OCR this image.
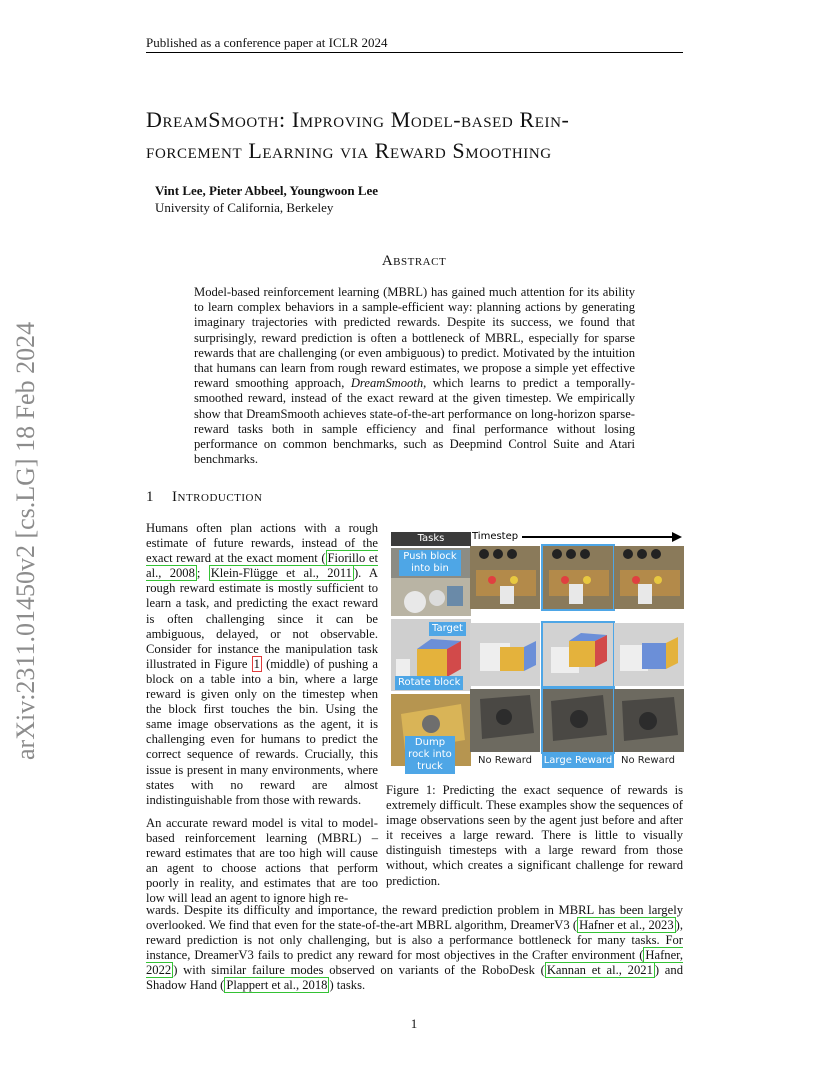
Published as a conference paper at ICLR 2024
arXiv:2311.01450v2 [cs.LG] 18 Feb 2024
DreamSmooth: Improving Model-based Rein-
forcement Learning via Reward Smoothing
Vint Lee, Pieter Abbeel, Youngwoon Lee
University of California, Berkeley
Abstract
Model-based reinforcement learning (MBRL) has gained much attention for its ability to learn complex behaviors in a sample-efficient way: planning actions by generating imaginary trajectories with predicted rewards. Despite its success, we found that surprisingly, reward prediction is often a bottleneck of MBRL, especially for sparse rewards that are challenging (or even ambiguous) to predict. Motivated by the intuition that humans can learn from rough reward estimates, we propose a simple yet effective reward smoothing approach, DreamSmooth, which learns to predict a temporally-smoothed reward, instead of the exact reward at the given timestep. We empirically show that DreamSmooth achieves state-of-the-art performance on long-horizon sparse-reward tasks both in sample efficiency and final performance without losing performance on common benchmarks, such as Deepmind Control Suite and Atari benchmarks.
1 Introduction

Humans often plan actions with a rough estimate of future rewards, instead of the exact reward at the exact moment ( Fiorillo et al., 2008 ; Klein-Flügge et al., 2011 ). A rough reward estimate is mostly sufficient to learn a task, and predicting the exact reward is often challenging since it can be ambiguous, delayed, or not observable. Consider for instance the manipulation task illustrated in Figure 1 (middle) of pushing a block on a table into a bin, where a large reward is given only on the timestep when the block first touches the bin. Using the same image observations as the agent, it is challenging even for humans to predict the correct sequence of rewards. Crucially, this issue is present in many environments, where states with no reward are almost indistinguishable from those with rewards.

An accurate reward model is vital to model-based reinforcement learning (MBRL) – reward estimates that are too high will cause an agent to choose actions that perform poorly in reality, and estimates that are too low will lead an agent to ignore high re-

Tasks	Timestep
Push block into bin
Target
Rotate block
Dump rock into truck
No Reward	Large Reward No Reward
Figure 1: Predicting the exact sequence of rewards is extremely difficult. These examples show the sequences of image observations seen by the agent just before and after it receives a large reward. There is little to visually distinguish timesteps with a large reward from those without, which creates a significant challenge for reward prediction.
wards. Despite its difficulty and importance, the reward prediction problem in MBRL has been largely overlooked. We find that even for the state-of-the-art MBRL algorithm, DreamerV3 ( Hafner et al., 2023 ), reward prediction is not only challenging, but is also a performance bottleneck for many tasks. For instance, DreamerV3 fails to predict any reward for most objectives in the Crafter environment ( Hafner, 2022 ) with similar failure modes observed on variants of the RoboDesk ( Kannan et al., 2021 ) and Shadow Hand ( Plappert et al., 2018 ) tasks.
1
